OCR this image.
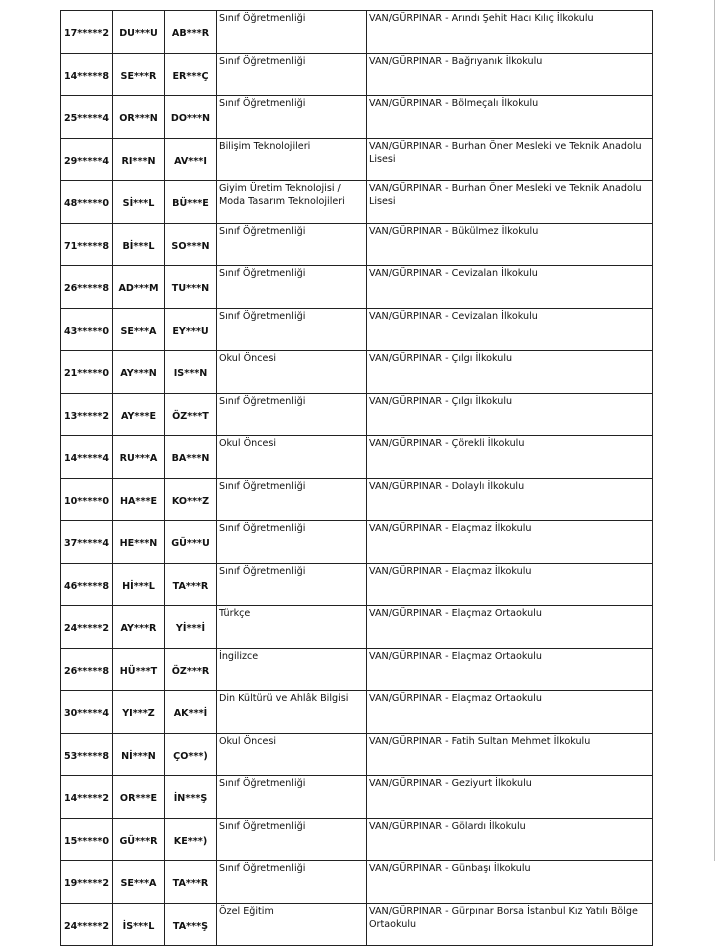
17*****2	DU***U	AB***R	Sınıf Öğretmenliği	VAN/GÜRPINAR - Arındı Şehit Hacı Kılıç İlkokulu
14*****8	SE***R	ER***Ç	Sınıf Öğretmenliği	VAN/GÜRPINAR - Bağrıyanık İlkokulu
25*****4	OR***N	DO***N	Sınıf Öğretmenliği	VAN/GÜRPINAR - Bölmeçalı İlkokulu
29*****4	RI***N	AV***I	Bilişim Teknolojileri	VAN/GÜRPINAR - Burhan Öner Mesleki ve Teknik Anadolu Lisesi
48*****0	Sİ***L	BÜ***E	Giyim Üretim Teknolojisi / Moda Tasarım Teknolojileri	VAN/GÜRPINAR - Burhan Öner Mesleki ve Teknik Anadolu Lisesi
71*****8	Bİ***L	SO***N	Sınıf Öğretmenliği	VAN/GÜRPINAR - Bükülmez İlkokulu
26*****8	AD***M	TU***N	Sınıf Öğretmenliği	VAN/GÜRPINAR - Cevizalan İlkokulu
43*****0	SE***A	EY***U	Sınıf Öğretmenliği	VAN/GÜRPINAR - Cevizalan İlkokulu
21*****0	AY***N	IS***N	Okul Öncesi	VAN/GÜRPINAR - Çılgı İlkokulu
13*****2	AY***E	ÖZ***T	Sınıf Öğretmenliği	VAN/GÜRPINAR - Çılgı İlkokulu
14*****4	RU***A	BA***N	Okul Öncesi	VAN/GÜRPINAR - Çörekli İlkokulu
10*****0	HA***E	KO***Z	Sınıf Öğretmenliği	VAN/GÜRPINAR - Dolaylı İlkokulu
37*****4	HE***N	GÜ***U	Sınıf Öğretmenliği	VAN/GÜRPINAR - Elaçmaz İlkokulu
46*****8	Hİ***L	TA***R	Sınıf Öğretmenliği	VAN/GÜRPINAR - Elaçmaz İlkokulu
24*****2	AY***R	Yİ***İ	Türkçe	VAN/GÜRPINAR - Elaçmaz Ortaokulu
26*****8	HÜ***T	ÖZ***R	İngilizce	VAN/GÜRPINAR - Elaçmaz Ortaokulu
30*****4	YI***Z	AK***İ	Din Kültürü ve Ahlâk Bilgisi	VAN/GÜRPINAR - Elaçmaz Ortaokulu
53*****8	Nİ***N	ÇO***)	Okul Öncesi	VAN/GÜRPINAR - Fatih Sultan Mehmet İlkokulu
14*****2	OR***E	İN***Ş	Sınıf Öğretmenliği	VAN/GÜRPINAR - Geziyurt İlkokulu
15*****0	GÜ***R	KE***)	Sınıf Öğretmenliği	VAN/GÜRPINAR - Gölardı İlkokulu
19*****2	SE***A	TA***R	Sınıf Öğretmenliği	VAN/GÜRPINAR - Günbaşı İlkokulu
24*****2	İS***L	TA***Ş	Özel Eğitim	VAN/GÜRPINAR - Gürpınar Borsa İstanbul Kız Yatılı Bölge Ortaokulu
